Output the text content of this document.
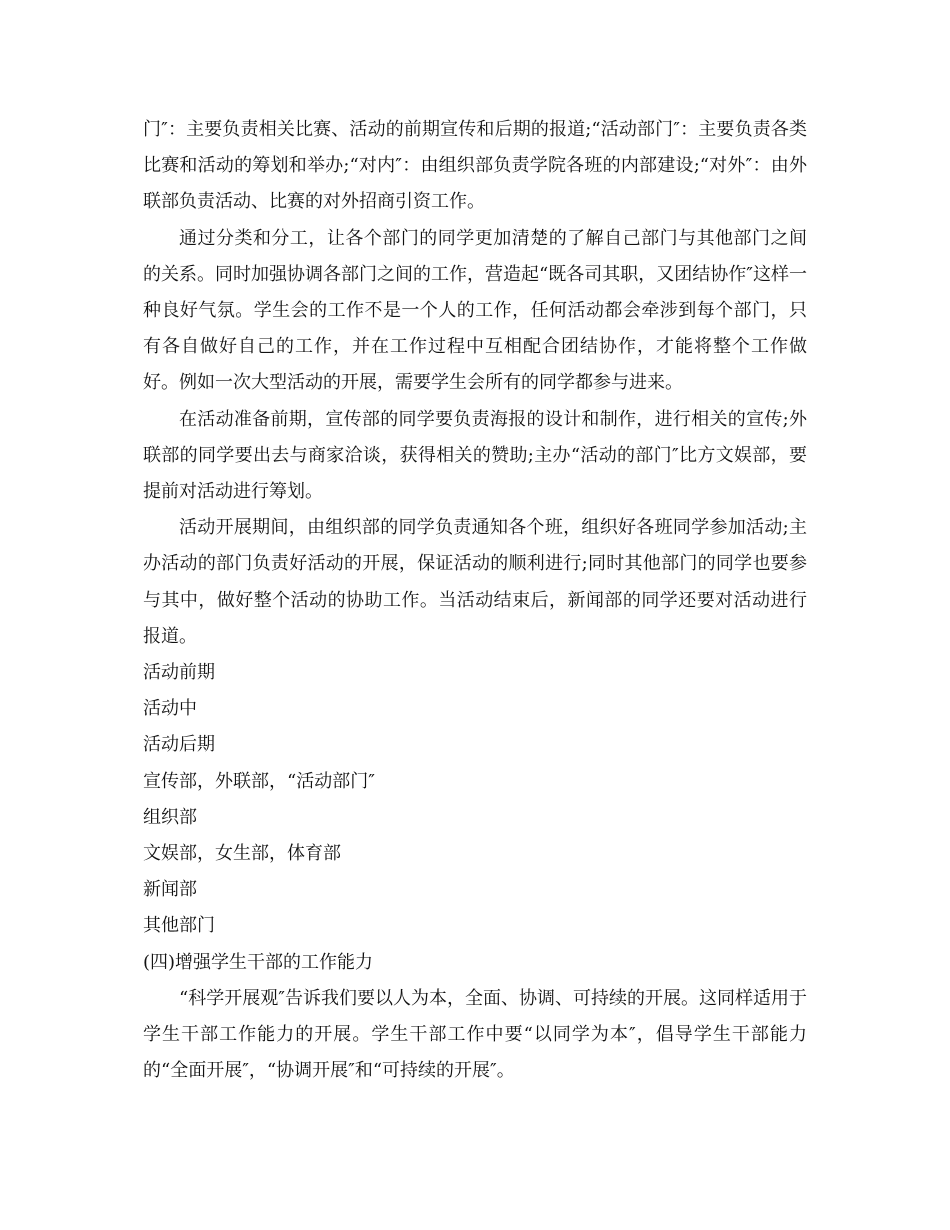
门″：主要负责相关比赛、活动的前期宣传和后期的报道;“活动部门″：主要负责各类比赛和活动的筹划和举办;“对内″：由组织部负责学院各班的内部建设;“对外″：由外联部负责活动、比赛的对外招商引资工作。

通过分类和分工，让各个部门的同学更加清楚的了解自己部门与其他部门之间的关系。同时加强协调各部门之间的工作，营造起“既各司其职，又团结协作″这样一种良好气氛。学生会的工作不是一个人的工作，任何活动都会牵涉到每个部门，只有各自做好自己的工作，并在工作过程中互相配合团结协作，才能将整个工作做好。例如一次大型活动的开展，需要学生会所有的同学都参与进来。

在活动准备前期，宣传部的同学要负责海报的设计和制作，进行相关的宣传;外联部的同学要出去与商家洽谈，获得相关的赞助;主办“活动的部门″比方文娱部，要提前对活动进行筹划。

活动开展期间，由组织部的同学负责通知各个班，组织好各班同学参加活动;主办活动的部门负责好活动的开展，保证活动的顺利进行;同时其他部门的同学也要参与其中，做好整个活动的协助工作。当活动结束后，新闻部的同学还要对活动进行报道。

活动前期

活动中

活动后期

宣传部，外联部，“活动部门″

组织部

文娱部，女生部，体育部

新闻部

其他部门

(四)增强学生干部的工作能力

“科学开展观″告诉我们要以人为本，全面、协调、可持续的开展。这同样适用于学生干部工作能力的开展。学生干部工作中要“以同学为本″，倡导学生干部能力的“全面开展″，“协调开展″和“可持续的开展″。
